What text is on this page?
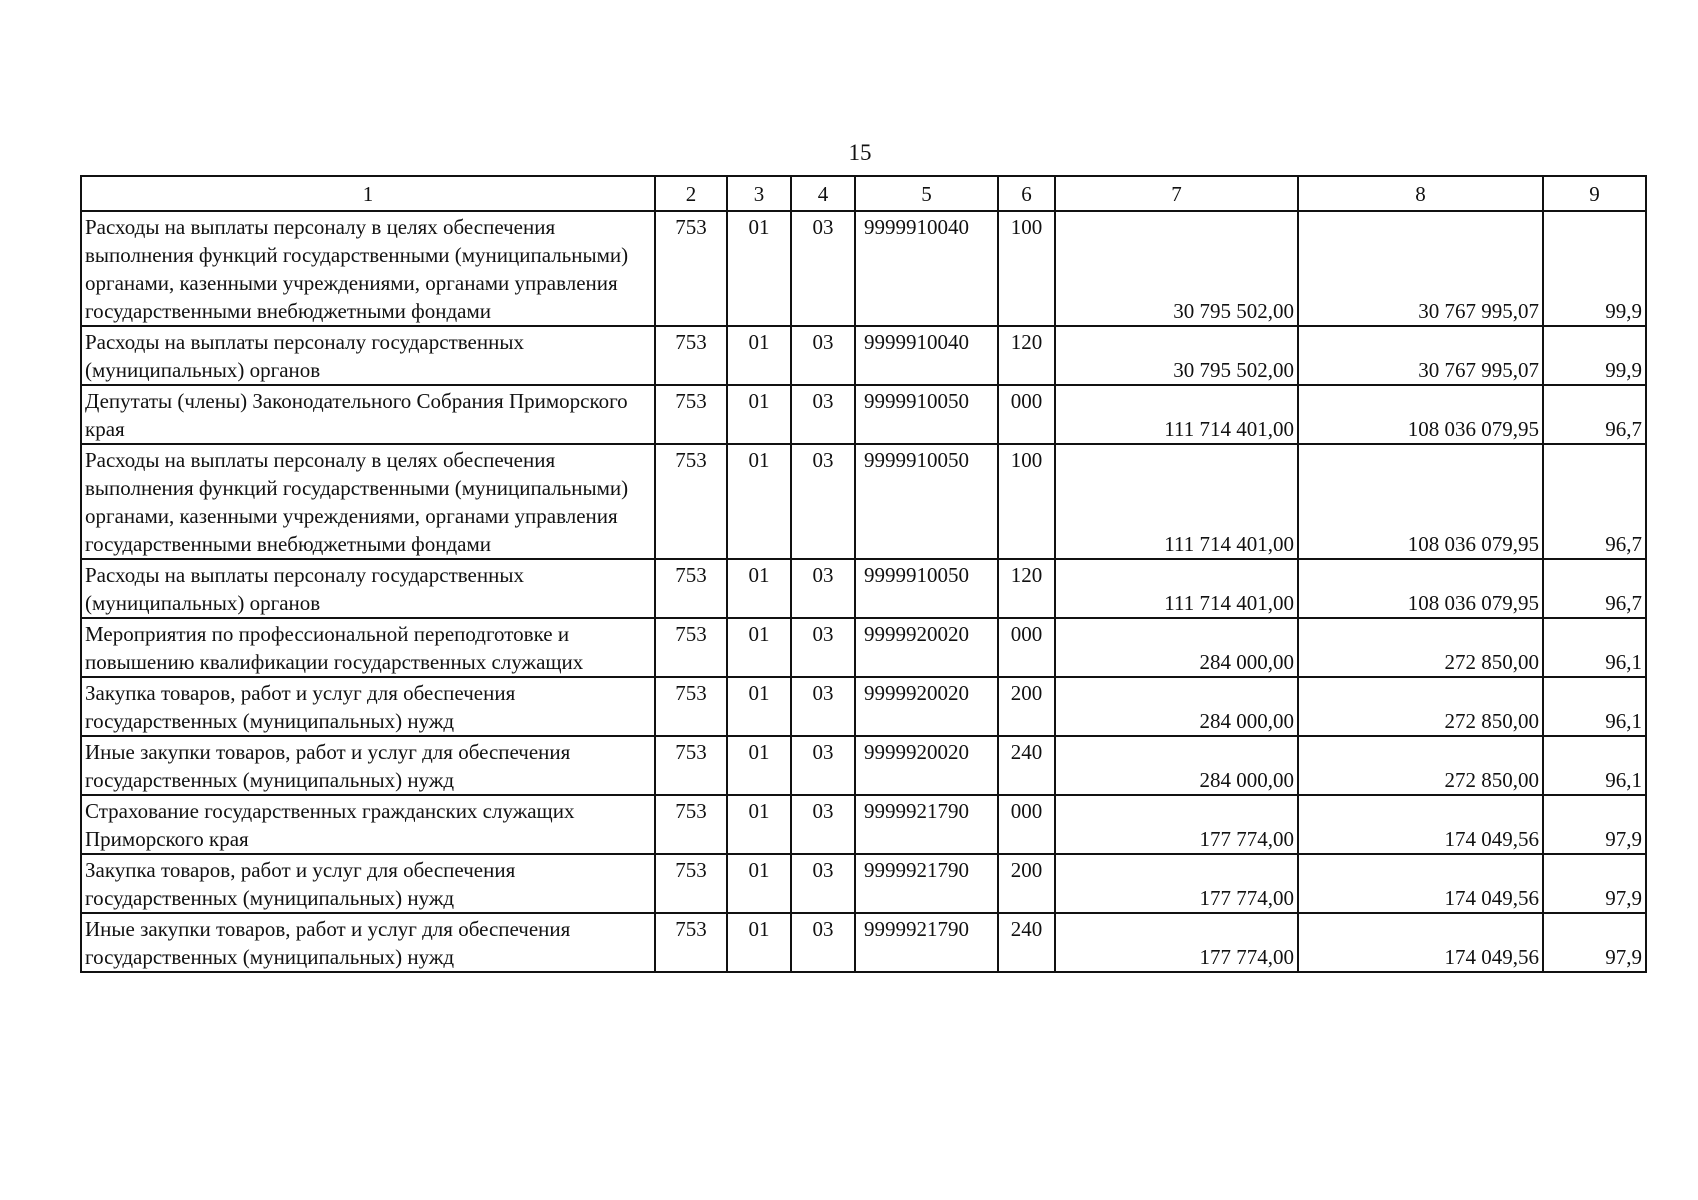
15
1	2	3	4	5	6	7	8	9
Расходы на выплаты персоналу в целях обеспечения выполнения функций государственными (муниципальными) органами, казенными учреждениями, органами управления государственными внебюджетными фондами	753	01	03	9999910040	100	30 795 502,00	30 767 995,07	99,9
Расходы на выплаты персоналу государственных (муниципальных) органов	753	01	03	9999910040	120	30 795 502,00	30 767 995,07	99,9
Депутаты (члены) Законодательного Собрания Приморского края	753	01	03	9999910050	000	111 714 401,00	108 036 079,95	96,7
Расходы на выплаты персоналу в целях обеспечения выполнения функций государственными (муниципальными) органами, казенными учреждениями, органами управления государственными внебюджетными фондами	753	01	03	9999910050	100	111 714 401,00	108 036 079,95	96,7
Расходы на выплаты персоналу государственных (муниципальных) органов	753	01	03	9999910050	120	111 714 401,00	108 036 079,95	96,7
Мероприятия по профессиональной переподготовке и повышению квалификации государственных служащих	753	01	03	9999920020	000	284 000,00	272 850,00	96,1
Закупка товаров, работ и услуг для обеспечения государственных (муниципальных) нужд	753	01	03	9999920020	200	284 000,00	272 850,00	96,1
Иные закупки товаров, работ и услуг для обеспечения государственных (муниципальных) нужд	753	01	03	9999920020	240	284 000,00	272 850,00	96,1
Страхование государственных гражданских служащих Приморского края	753	01	03	9999921790	000	177 774,00	174 049,56	97,9
Закупка товаров, работ и услуг для обеспечения государственных (муниципальных) нужд	753	01	03	9999921790	200	177 774,00	174 049,56	97,9
Иные закупки товаров, работ и услуг для обеспечения государственных (муниципальных) нужд	753	01	03	9999921790	240	177 774,00	174 049,56	97,9
